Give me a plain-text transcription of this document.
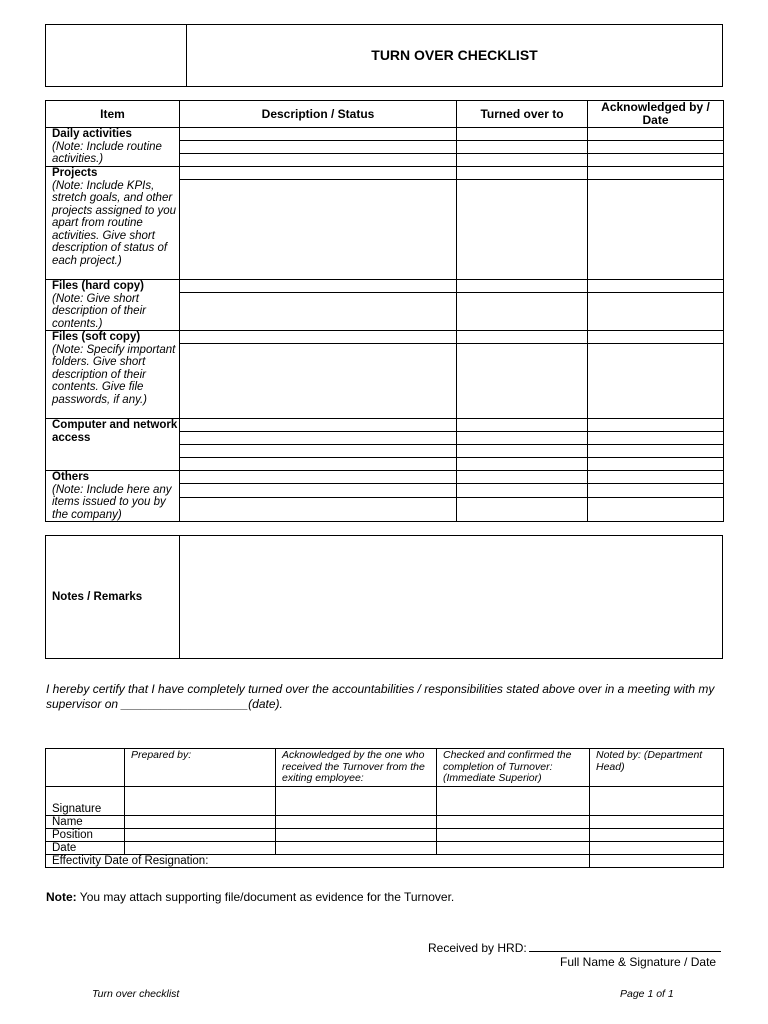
	TURN OVER CHECKLIST
Item	Description / Status	Turned over to	Acknowledged by / Date

Daily activities
(Note: Include routine activities.)			

Projects
(Note: Include KPIs, stretch goals, and other projects assigned to you apart from routine activities. Give short description of status of each project.)			

Files (hard copy)
(Note: Give short description of their contents.)			

Files (soft copy)
(Note: Specify important folders. Give short description of their contents. Give file passwords, if any.)			

Computer and network access			

Others
(Note: Include here any items issued to you by the company)			

Notes / Remarks	

I hereby certify that I have completely turned over the accountabilities / responsibilities stated above over in a meeting with my supervisor on ___________________(date).

	Prepared by:	Acknowledged by the one who received the Turnover from the exiting employee:	Checked and confirmed the completion of Turnover: (Immediate Superior)	Noted by: (Department Head)
Signature				
Name				
Position				
Date				
Effectivity Date of Resignation:				

Note: You may attach supporting file/document as evidence for the Turnover.

Received by HRD:
Full Name & Signature / Date
Turn over checklist	Page 1 of 1
